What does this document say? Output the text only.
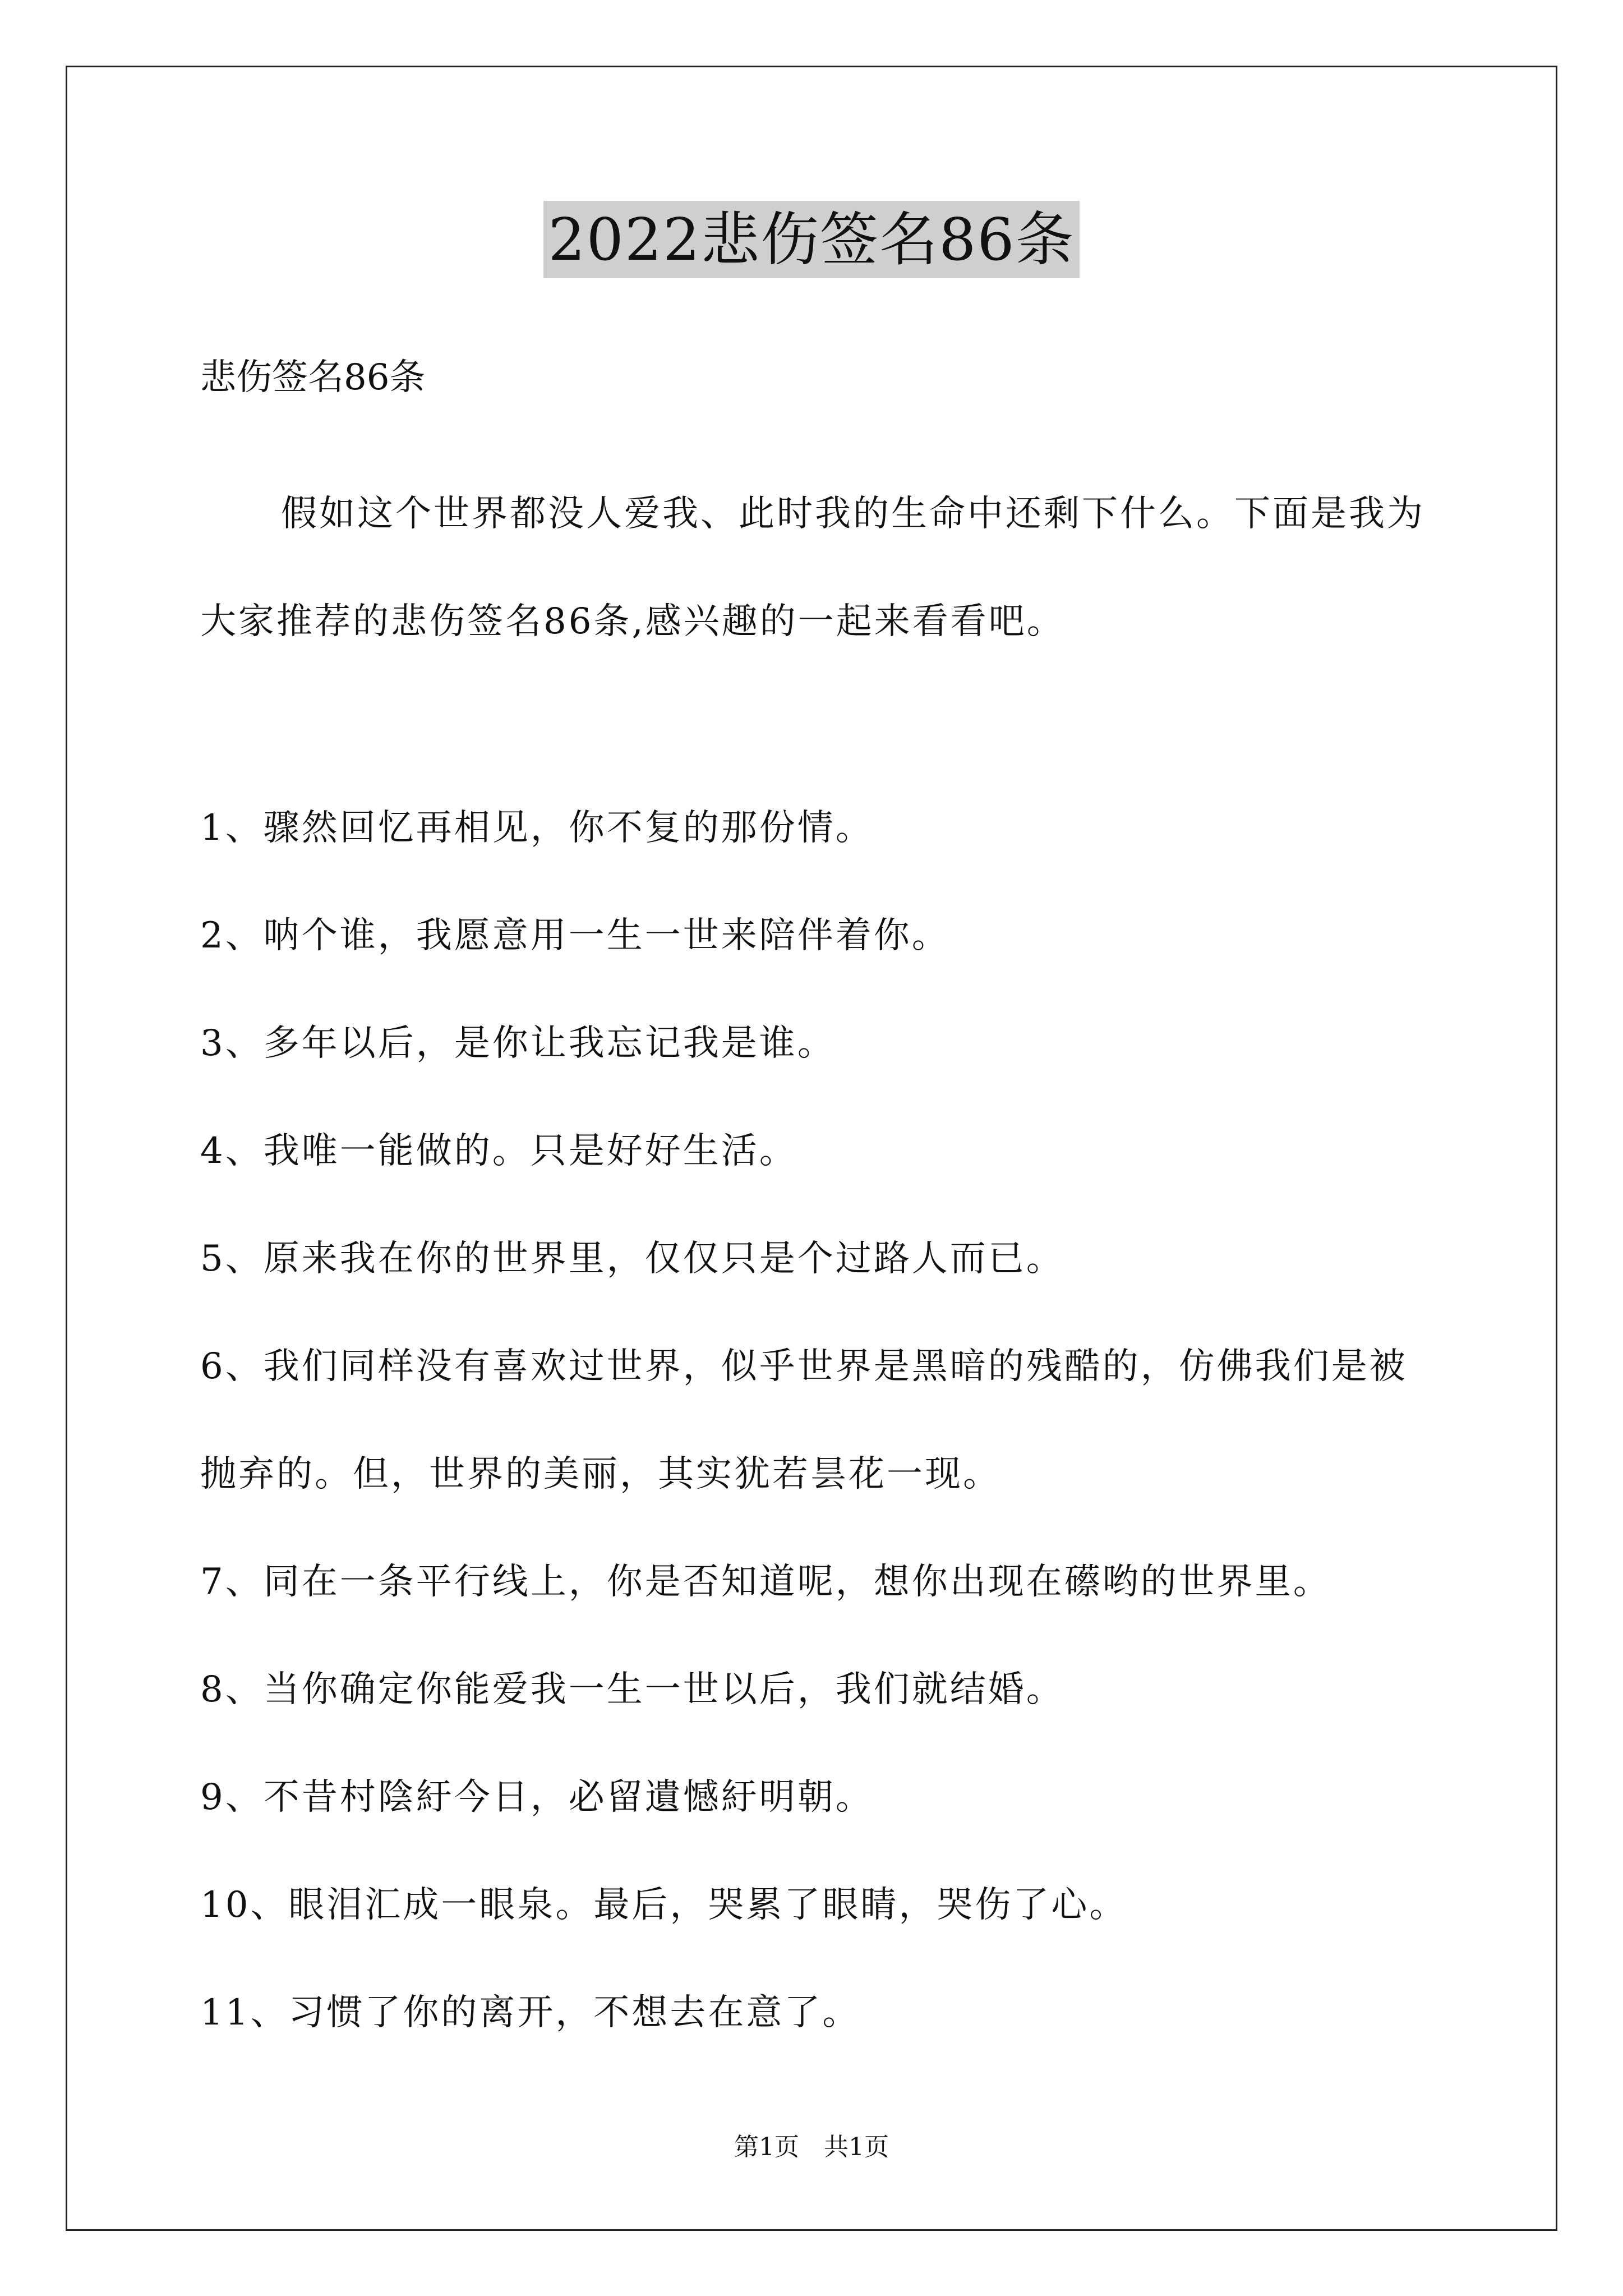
2022悲伤签名86条
悲伤签名86条

假如这个世界都没人爱我、此时我的生命中还剩下什么。下面是我为大家推荐的悲伤签名86条,感兴趣的一起来看看吧。

1、骤然回忆再相见，你不复的那份情。
2、呐个谁，我愿意用一生一世来陪伴着你。
3、多年以后，是你让我忘记我是谁。
4、我唯一能做的。只是好好生活。
5、原来我在你的世界里，仅仅只是个过路人而已。
6、我们同样没有喜欢过世界，似乎世界是黑暗的残酷的，仿佛我们是被抛弃的。但，世界的美丽，其实犹若昙花一现。
7、同在一条平行线上，你是否知道呢，想你出现在礤哟的世界里。
8、当你确定你能爱我一生一世以后，我们就结婚。
9、不昔村陰紆今日，必留遺憾紆明朝。
10、眼泪汇成一眼泉。最后，哭累了眼睛，哭伤了心。
11、习惯了你的离开，不想去在意了。
第1页　共1页
